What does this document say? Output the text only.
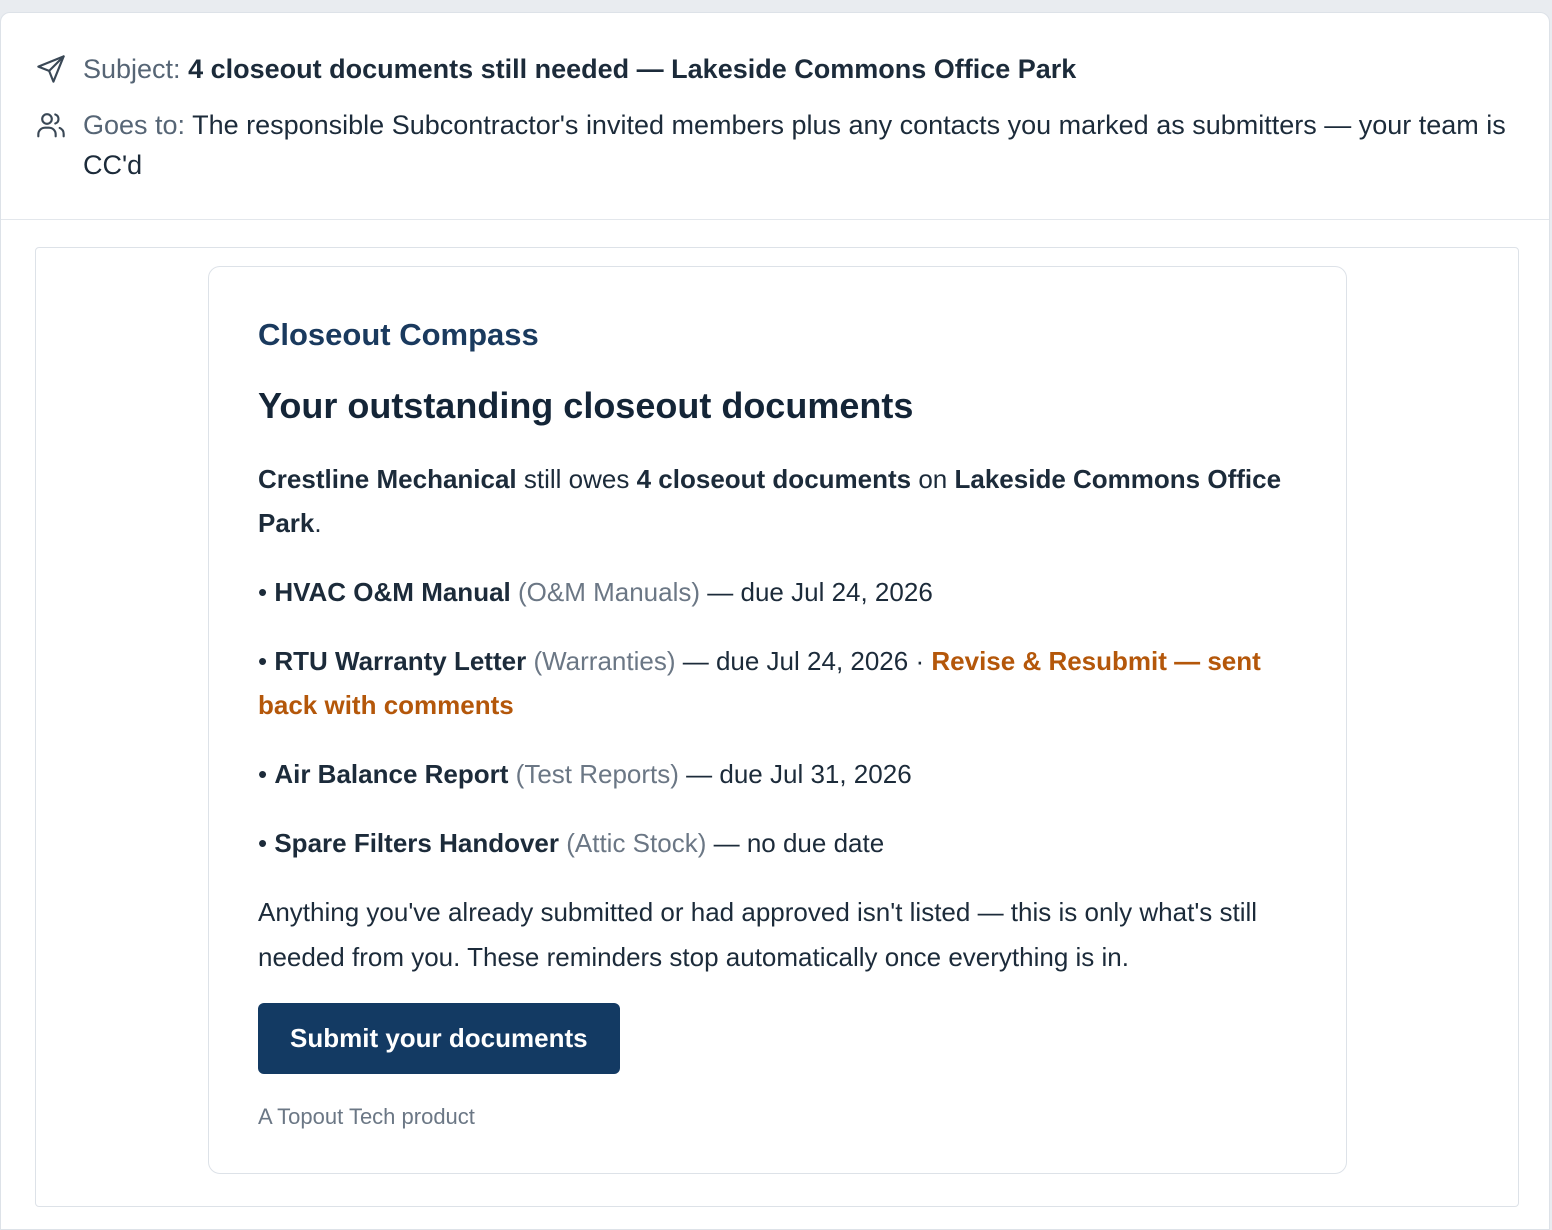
Subject: 4 closeout documents still needed — Lakeside Commons Office Park
Goes to: The responsible Subcontractor's invited members plus any contacts you marked as submitters — your team is CC'd

Closeout Compass

Your outstanding closeout documents

Crestline Mechanical still owes 4 closeout documents on Lakeside Commons Office Park.

• HVAC O&M Manual (O&M Manuals) — due Jul 24, 2026

• RTU Warranty Letter (Warranties) — due Jul 24, 2026 · Revise & Resubmit — sent back with comments

• Air Balance Report (Test Reports) — due Jul 31, 2026

• Spare Filters Handover (Attic Stock) — no due date

Anything you've already submitted or had approved isn't listed — this is only what's still needed from you. These reminders stop automatically once everything is in.

Submit your documents
A Topout Tech product
